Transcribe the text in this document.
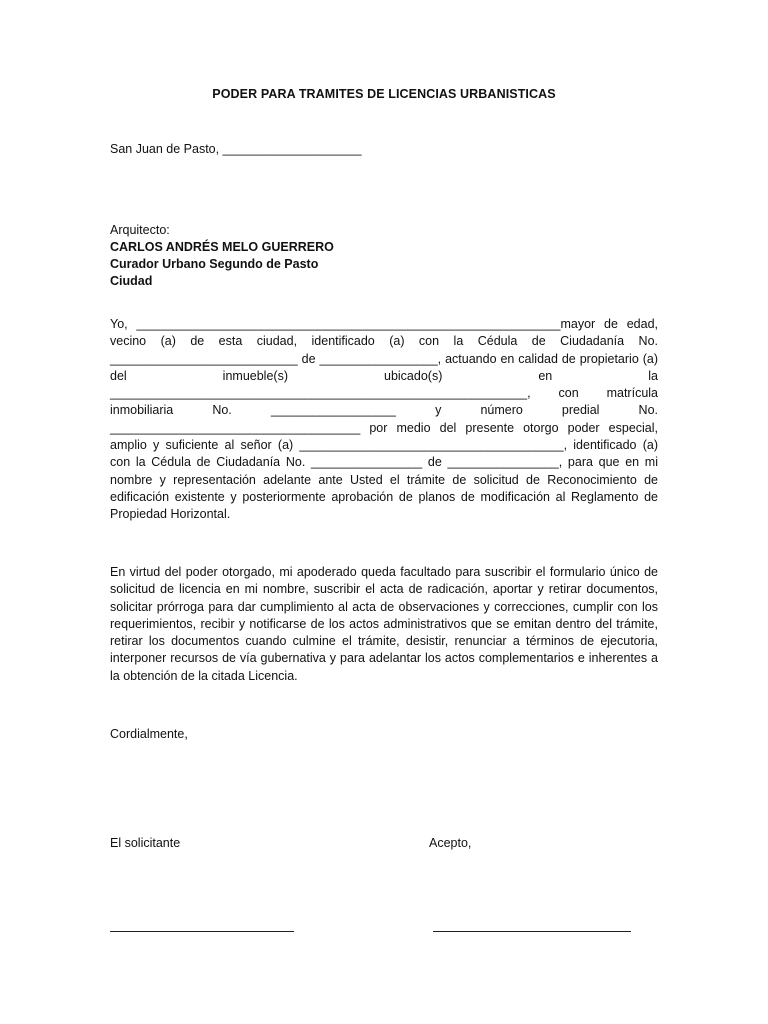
PODER PARA TRAMITES DE LICENCIAS URBANISTICAS
San Juan de Pasto, ____________________
Arquitecto:
CARLOS ANDRÉS MELO GUERRERO
Curador Urbano Segundo de Pasto
Ciudad

Yo, _____________________________________________________________mayor de edad, vecino (a) de esta ciudad, identificado (a) con la Cédula de Ciudadanía No. ___________________________ de _________________, actuando en calidad de propietario (a) del inmueble(s) ubicado(s) en la ____________________________________________________________, con matrícula inmobiliaria No. __________________ y número predial No. ____________________________________ por medio del presente otorgo poder especial, amplio y suficiente al señor (a) ______________________________________, identificado (a) con la Cédula de Ciudadanía No. ________________ de ________________, para que en mi nombre y representación adelante ante Usted el trámite de solicitud de Reconocimiento de edificación existente y posteriormente aprobación de planos de modificación al Reglamento de Propiedad Horizontal.

En virtud del poder otorgado, mi apoderado queda facultado para suscribir el formulario único de solicitud de licencia en mi nombre, suscribir el acta de radicación, aportar y retirar documentos, solicitar prórroga para dar cumplimiento al acta de observaciones y correcciones, cumplir con los requerimientos, recibir y notificarse de los actos administrativos que se emitan dentro del trámite, retirar los documentos cuando culmine el trámite, desistir, renunciar a términos de ejecutoria, interponer recursos de vía gubernativa y para adelantar los actos complementarios e inherentes a la obtención de la citada Licencia.

Cordialmente,
El solicitante	Acepto,
